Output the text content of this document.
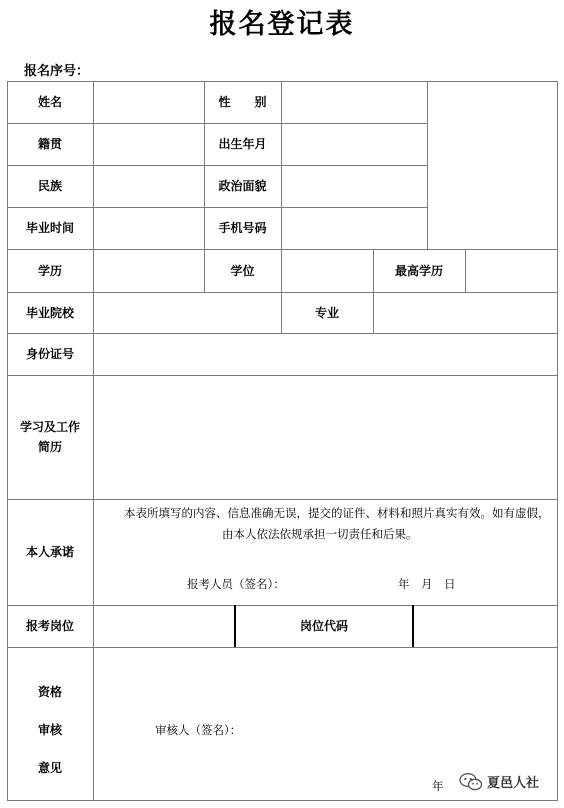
报名登记表
报名序号：
姓名	性　　别
籍贯	出生年月
民族	政治面貌
毕业时间	手机号码
学历	学位	最高学历
毕业院校	专业
身份证号
学习及工作
简历
本人承诺
本表所填写的内容、信息准确无误，提交的证件、材料和照片真实有效。如有虚假，
由本人依法依规承担一切责任和后果。
报考人员（签名）：	年　月　日
报考岗位	岗位代码
资格
审核
意见
审核人（签名）：
年	夏邑人社
